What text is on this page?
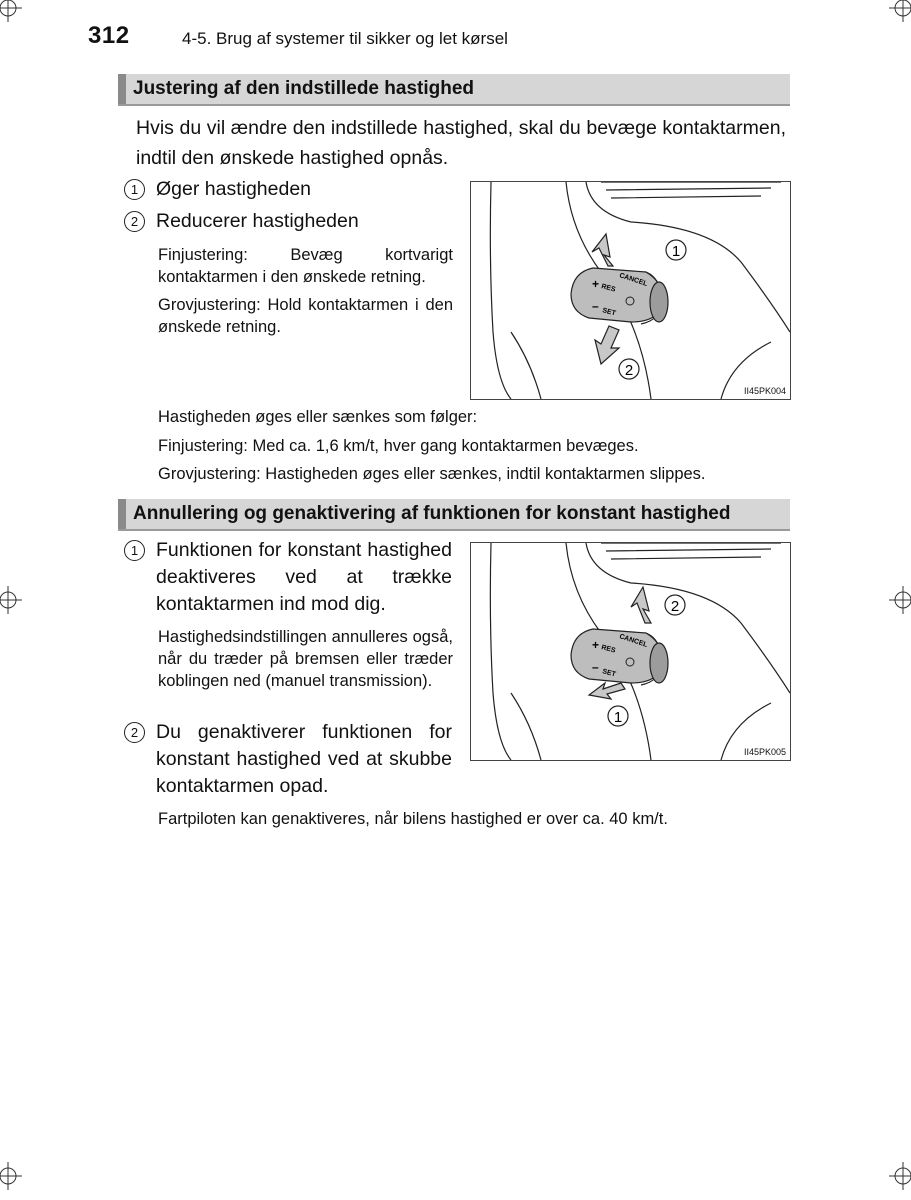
312	4-5. Brug af systemer til sikker og let kørsel
Justering af den indstillede hastighed
Hvis du vil ændre den indstillede hastighed, skal du bevæge kontaktarmen, indtil den ønskede hastighed opnås.
1 Øger hastigheden
2 Reducerer hastigheden
Finjustering: Bevæg kortvarigt kontaktarmen i den ønskede retning.
Grovjustering: Hold kontaktarmen i den ønskede retning.
CANCEL
+ RES
– SET
1
2
II45PK004
Hastigheden øges eller sænkes som følger:
Finjustering: Med ca. 1,6 km/t, hver gang kontaktarmen bevæges.
Grovjustering: Hastigheden øges eller sænkes, indtil kontaktarmen slippes.
Annullering og genaktivering af funktionen for konstant hastighed
1 Funktionen for konstant hastighed deaktiveres ved at trække kontaktarmen ind mod dig.
Hastighedsindstillingen annulleres også, når du træder på bremsen eller træder koblingen ned (manuel transmission).
2 Du genaktiverer funktionen for konstant hastighed ved at skubbe kontaktarmen opad.
CANCEL
+ RES
– SET
2
1
II45PK005
Fartpiloten kan genaktiveres, når bilens hastighed er over ca. 40 km/t.
